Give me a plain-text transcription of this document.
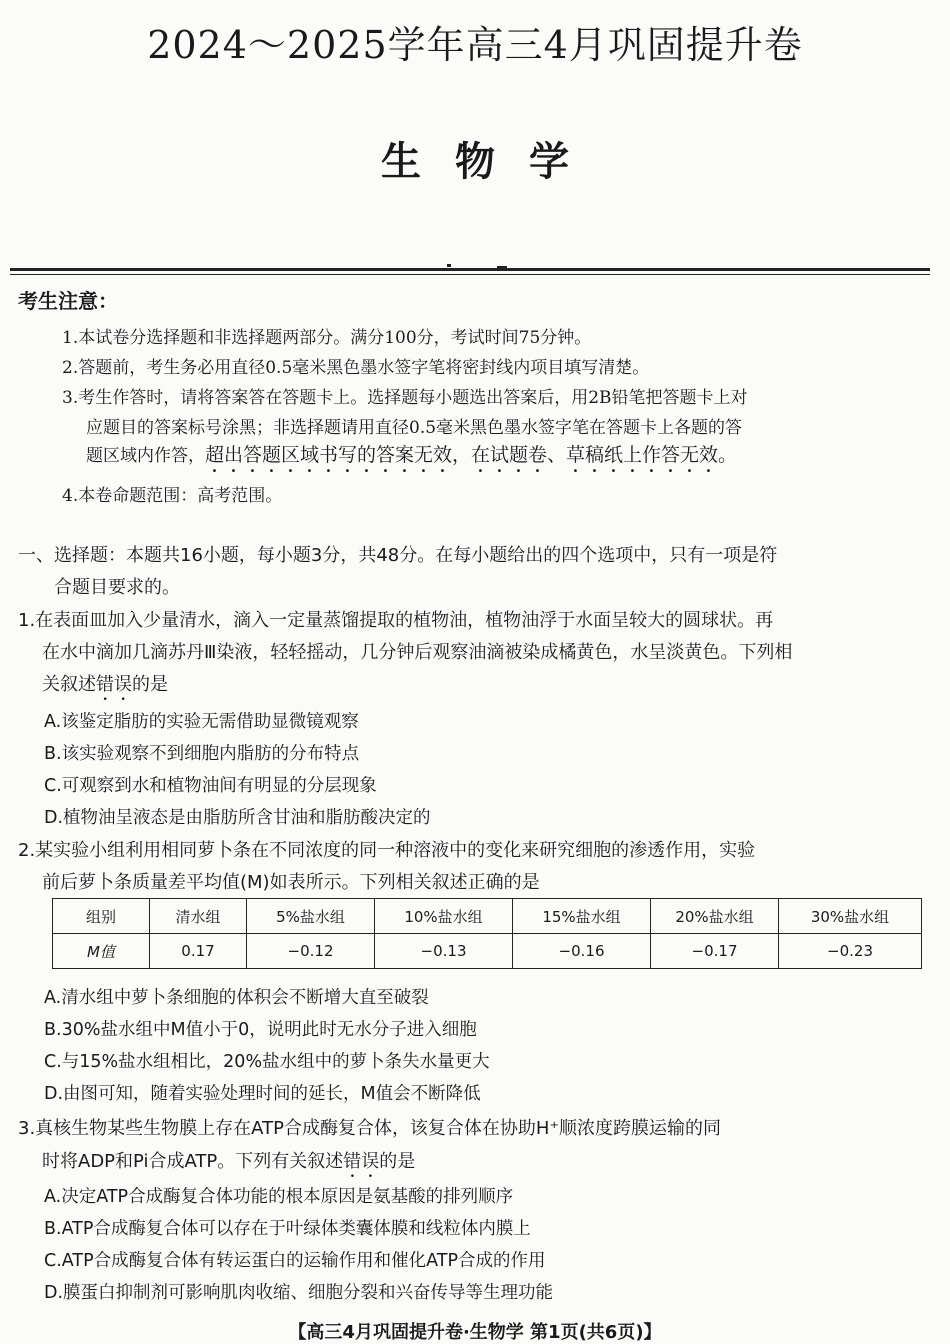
2024～2025学年高三4月巩固提升卷
生物学
考生注意：
1.本试卷分选择题和非选择题两部分。满分100分，考试时间75分钟。
2.答题前，考生务必用直径0.5毫米黑色墨水签字笔将密封线内项目填写清楚。
3.考生作答时，请将答案答在答题卡上。选择题每小题选出答案后，用2B铅笔把答题卡上对
应题目的答案标号涂黑；非选择题请用直径0.5毫米黑色墨水签字笔在答题卡上各题的答
题区域内作答，超出答题区域书写的答案无效，在试题卷、草稿纸上作答无效。
4.本卷命题范围：高考范围。
一、选择题：本题共16小题，每小题3分，共48分。在每小题给出的四个选项中，只有一项是符
合题目要求的。
1.在表面皿加入少量清水，滴入一定量蒸馏提取的植物油，植物油浮于水面呈较大的圆球状。再
在水中滴加几滴苏丹Ⅲ染液，轻轻摇动，几分钟后观察油滴被染成橘黄色，水呈淡黄色。下列相
关叙述错误的是
A.该鉴定脂肪的实验无需借助显微镜观察
B.该实验观察不到细胞内脂肪的分布特点
C.可观察到水和植物油间有明显的分层现象
D.植物油呈液态是由脂肪所含甘油和脂肪酸决定的
2.某实验小组利用相同萝卜条在不同浓度的同一种溶液中的变化来研究细胞的渗透作用，实验
前后萝卜条质量差平均值(M)如表所示。下列相关叙述正确的是
组别	清水组	5%盐水组	10%盐水组	15%盐水组	20%盐水组	30%盐水组
M值	0.17	−0.12	−0.13	−0.16	−0.17	−0.23
A.清水组中萝卜条细胞的体积会不断增大直至破裂
B.30%盐水组中M值小于0，说明此时无水分子进入细胞
C.与15%盐水组相比，20%盐水组中的萝卜条失水量更大
D.由图可知，随着实验处理时间的延长，M值会不断降低
3.真核生物某些生物膜上存在ATP合成酶复合体，该复合体在协助H⁺顺浓度跨膜运输的同
时将ADP和Pi合成ATP。下列有关叙述错误的是
A.决定ATP合成酶复合体功能的根本原因是氨基酸的排列顺序
B.ATP合成酶复合体可以存在于叶绿体类囊体膜和线粒体内膜上
C.ATP合成酶复合体有转运蛋白的运输作用和催化ATP合成的作用
D.膜蛋白抑制剂可影响肌肉收缩、细胞分裂和兴奋传导等生理功能
【高三4月巩固提升卷·生物学 第1页(共6页)】
